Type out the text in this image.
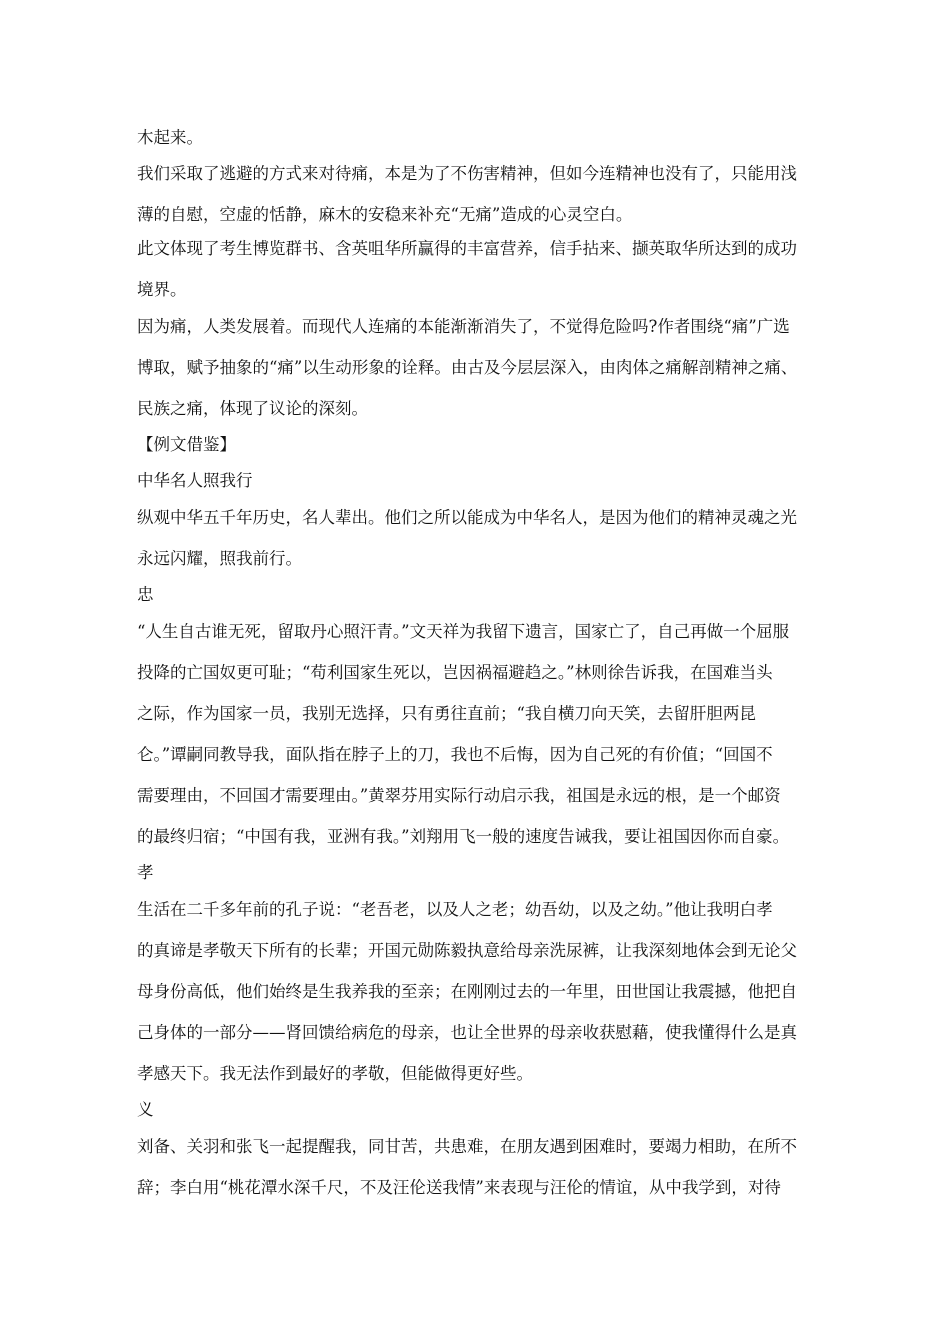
木起来。
我们采取了逃避的方式来对待痛，本是为了不伤害精神，但如今连精神也没有了，只能用浅
薄的自慰，空虚的恬静，麻木的安稳来补充“无痛”造成的心灵空白。
此文体现了考生博览群书、含英咀华所赢得的丰富营养，信手拈来、撷英取华所达到的成功
境界。
因为痛，人类发展着。而现代人连痛的本能渐渐消失了，不觉得危险吗?作者围绕“痛”广选
博取，赋予抽象的“痛”以生动形象的诠释。由古及今层层深入，由肉体之痛解剖精神之痛、
民族之痛，体现了议论的深刻。
【例文借鉴】
中华名人照我行
纵观中华五千年历史，名人辈出。他们之所以能成为中华名人，是因为他们的精神灵魂之光
永远闪耀，照我前行。
忠
“人生自古谁无死，留取丹心照汗青。”文天祥为我留下遗言，国家亡了，自己再做一个屈服
投降的亡国奴更可耻；“苟利国家生死以，岂因祸福避趋之。”林则徐告诉我，在国难当头
之际，作为国家一员，我别无选择，只有勇往直前；“我自横刀向天笑，去留肝胆两昆
仑。”谭嗣同教导我，面队指在脖子上的刀，我也不后悔，因为自己死的有价值；“回国不
需要理由，不回国才需要理由。”黄翠芬用实际行动启示我，祖国是永远的根，是一个邮资
的最终归宿；“中国有我，亚洲有我。”刘翔用飞一般的速度告诫我，要让祖国因你而自豪。
孝
生活在二千多年前的孔子说：“老吾老，以及人之老；幼吾幼，以及之幼。”他让我明白孝
的真谛是孝敬天下所有的长辈；开国元勋陈毅执意给母亲洗尿裤，让我深刻地体会到无论父
母身份高低，他们始终是生我养我的至亲；在刚刚过去的一年里，田世国让我震撼，他把自
己身体的一部分——肾回馈给病危的母亲，也让全世界的母亲收获慰藉，使我懂得什么是真
孝感天下。我无法作到最好的孝敬，但能做得更好些。
义
刘备、关羽和张飞一起提醒我，同甘苦，共患难，在朋友遇到困难时，要竭力相助，在所不
辞；李白用“桃花潭水深千尺，不及汪伦送我情”来表现与汪伦的情谊，从中我学到，对待
